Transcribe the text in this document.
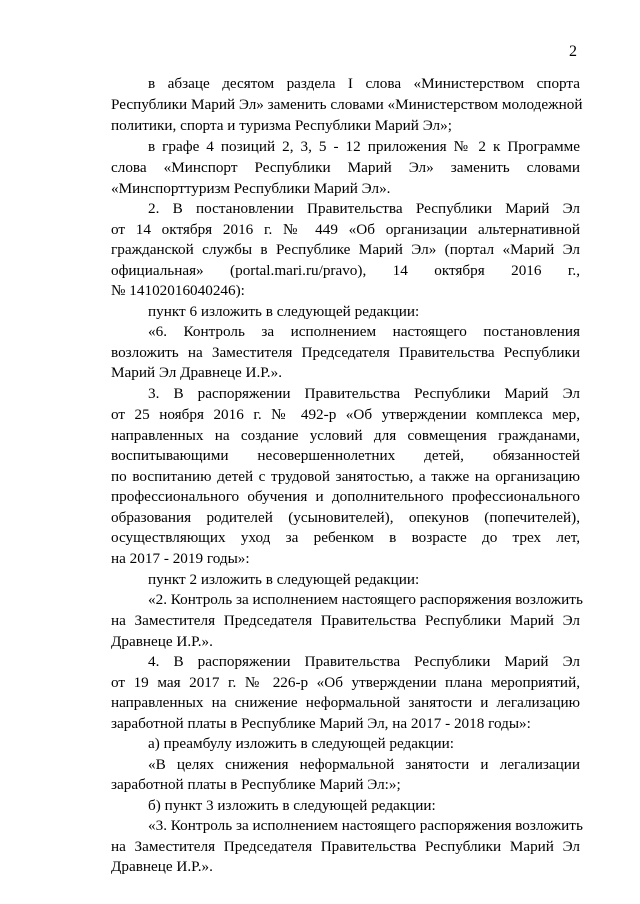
2
в абзаце десятом раздела I слова «Министерством спорта
Республики Марий Эл» заменить словами «Министерством молодежной
политики, спорта и туризма Республики Марий Эл»;
в графе 4 позиций 2, 3, 5 - 12 приложения № 2 к Программе
слова «Минспорт Республики Марий Эл» заменить словами
«Минспорттуризм Республики Марий Эл».
2. В постановлении Правительства Республики Марий Эл
от 14 октября 2016 г. № 449 «Об организации альтернативной
гражданской службы в Республике Марий Эл» (портал «Марий Эл
официальная» (portal.mari.ru/pravo), 14 октября 2016 г.,
№ 14102016040246):
пункт 6 изложить в следующей редакции:
«6. Контроль за исполнением настоящего постановления
возложить на Заместителя Председателя Правительства Республики
Марий Эл Дравнеце И.Р.».
3. В распоряжении Правительства Республики Марий Эл
от 25 ноября 2016 г. № 492-р «Об утверждении комплекса мер,
направленных на создание условий для совмещения гражданами,
воспитывающими несовершеннолетних детей, обязанностей
по воспитанию детей с трудовой занятостью, а также на организацию
профессионального обучения и дополнительного профессионального
образования родителей (усыновителей), опекунов (попечителей),
осуществляющих уход за ребенком в возрасте до трех лет,
на 2017 - 2019 годы»:
пункт 2 изложить в следующей редакции:
«2. Контроль за исполнением настоящего распоряжения возложить
на Заместителя Председателя Правительства Республики Марий Эл
Дравнеце И.Р.».
4. В распоряжении Правительства Республики Марий Эл
от 19 мая 2017 г. № 226-р «Об утверждении плана мероприятий,
направленных на снижение неформальной занятости и легализацию
заработной платы в Республике Марий Эл, на 2017 - 2018 годы»:
а) преамбулу изложить в следующей редакции:
«В целях снижения неформальной занятости и легализации
заработной платы в Республике Марий Эл:»;
б) пункт 3 изложить в следующей редакции:
«3. Контроль за исполнением настоящего распоряжения возложить
на Заместителя Председателя Правительства Республики Марий Эл
Дравнеце И.Р.».
